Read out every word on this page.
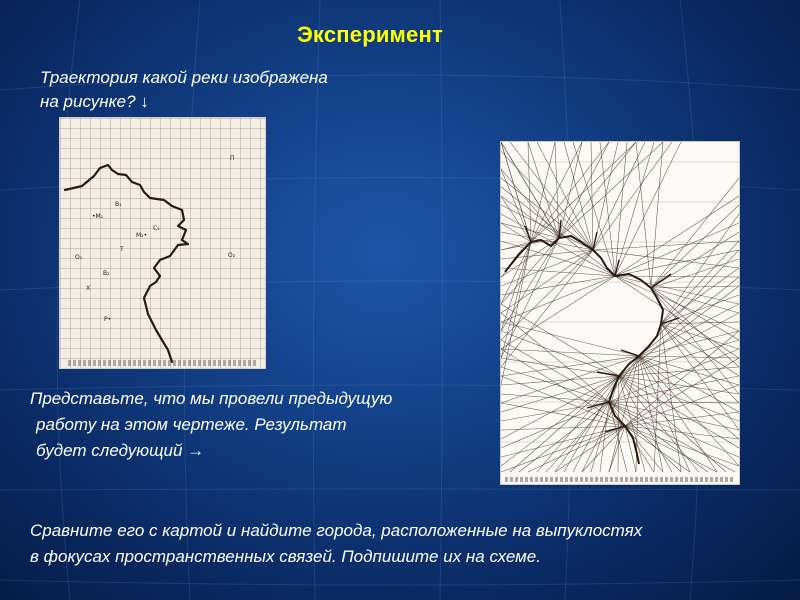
Эксперимент
Траектория какой реки изображена
на рисунке? ↓
П
В₁
•М₁
С₁
М₂•
Т
О₁	О₂
В₂
Х
Р•
Представьте, что мы провели предыдущую
работу на этом чертеже. Результат
будет следующий →
Сравните его с картой и найдите города, расположенные на выпуклостях
в фокусах пространственных связей. Подпишите их на схеме.
